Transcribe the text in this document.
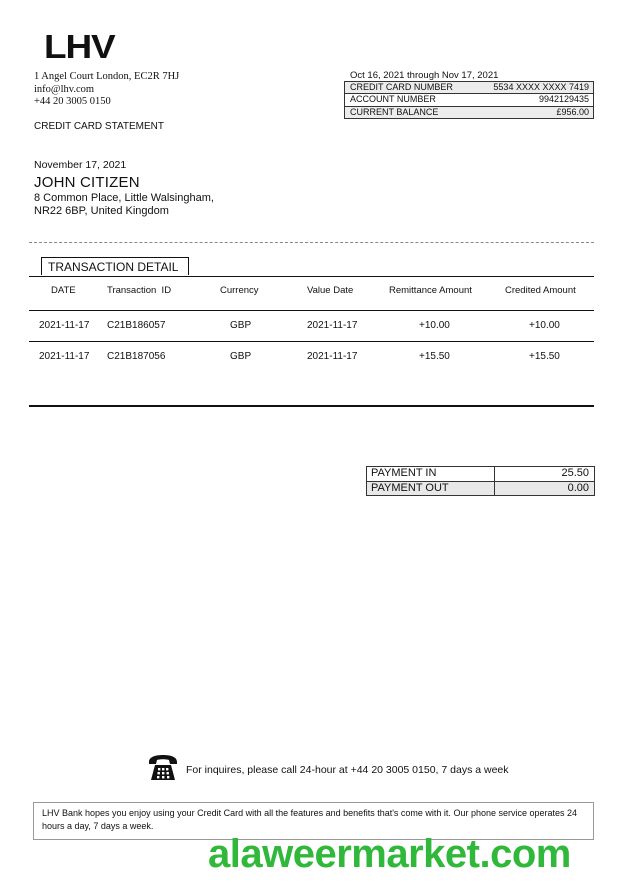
LHV
1 Angel Court London, EC2R 7HJ
info@lhv.com
+44 20 3005 0150
CREDIT CARD STATEMENT
Oct 16, 2021 through Nov 17, 2021
CREDIT CARD NUMBER	5534 XXXX XXXX 7419
ACCOUNT NUMBER	9942129435
CURRENT BALANCE	£956.00
November 17, 2021
JOHN CITIZEN
8 Common Place, Little Walsingham,
NR22 6BP, United Kingdom
TRANSACTION DETAIL
DATE	Transaction  ID	Currency	Value Date	Remittance Amount	Credited Amount
2021-11-17 C21B186057	GBP	2021-11-17	+10.00	+10.00
2021-11-17 C21B187056	GBP	2021-11-17	+15.50	+15.50
PAYMENT IN	25.50
PAYMENT OUT	0.00
For inquires, please call 24-hour at +44 20 3005 0150, 7 days a week
LHV Bank hopes you enjoy using your Credit Card with all the features and benefits that's come with it. Our phone service operates 24 hours a day, 7 days a week.
alaweermarket.com
